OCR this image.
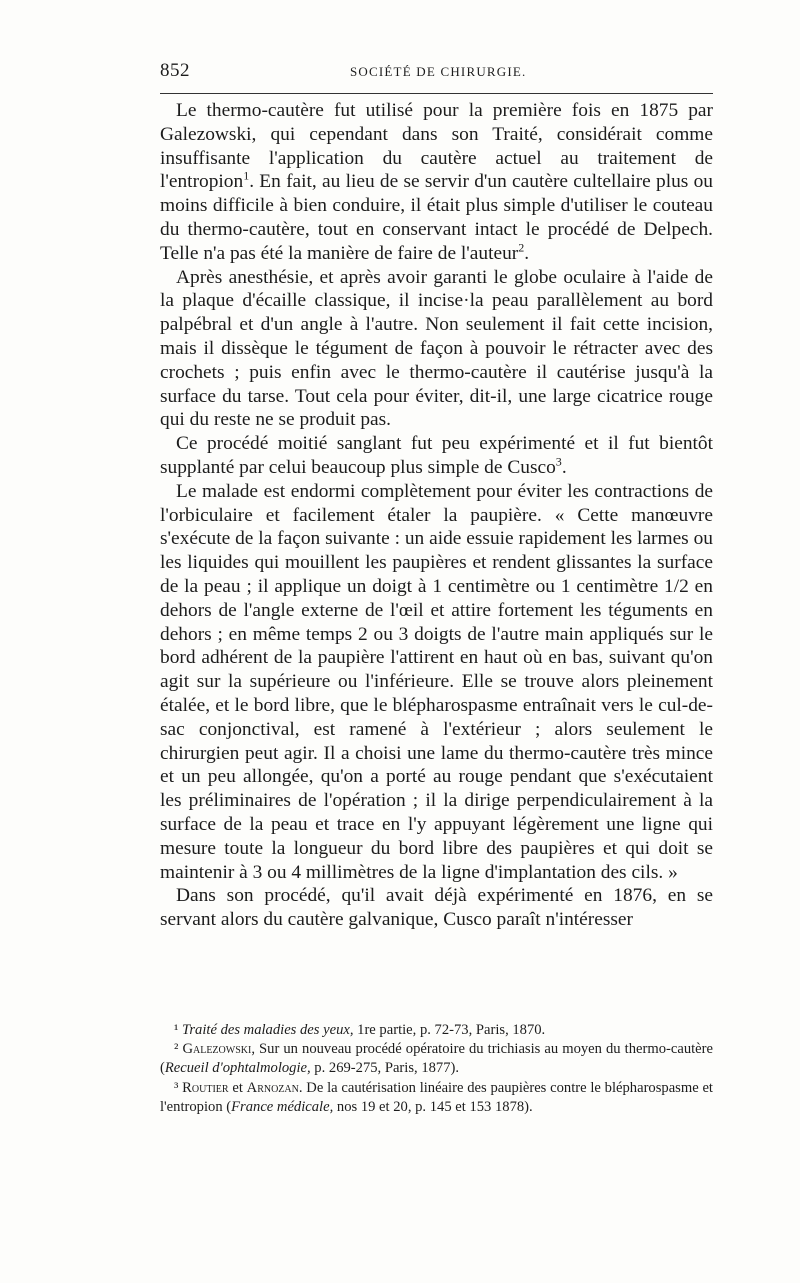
852	SOCIÉTÉ DE CHIRURGIE.

Le thermo-cautère fut utilisé pour la première fois en 1875 par Galezowski, qui cependant dans son Traité, considérait comme insuffisante l'application du cautère actuel au traitement de l'entropion$^1$. En fait, au lieu de se servir d'un cautère cultellaire plus ou moins difficile à bien conduire, il était plus simple d'utiliser le couteau du thermo-cautère, tout en conservant intact le procédé de Delpech. Telle n'a pas été la manière de faire de l'auteur$^2$.

Après anesthésie, et après avoir garanti le globe oculaire à l'aide de la plaque d'écaille classique, il incise·la peau parallèlement au bord palpébral et d'un angle à l'autre. Non seulement il fait cette incision, mais il dissèque le tégument de façon à pouvoir le rétracter avec des crochets ; puis enfin avec le thermo-cautère il cautérise jusqu'à la surface du tarse. Tout cela pour éviter, dit-il, une large cicatrice rouge qui du reste ne se produit pas.

Ce procédé moitié sanglant fut peu expérimenté et il fut bientôt supplanté par celui beaucoup plus simple de Cusco$^3$.

Le malade est endormi complètement pour éviter les contractions de l'orbiculaire et facilement étaler la paupière. « Cette manœuvre s'exécute de la façon suivante : un aide essuie rapidement les larmes ou les liquides qui mouillent les paupières et rendent glissantes la surface de la peau ; il applique un doigt à 1 centimètre ou 1 centimètre 1/2 en dehors de l'angle externe de l'œil et attire fortement les téguments en dehors ; en même temps 2 ou 3 doigts de l'autre main appliqués sur le bord adhérent de la paupière l'attirent en haut où en bas, suivant qu'on agit sur la supérieure ou l'inférieure. Elle se trouve alors pleinement étalée, et le bord libre, que le blépharospasme entraînait vers le cul-de-sac conjonctival, est ramené à l'extérieur ; alors seulement le chirurgien peut agir. Il a choisi une lame du thermo-cautère très mince et un peu allongée, qu'on a porté au rouge pendant que s'exécutaient les préliminaires de l'opération ; il la dirige perpendiculairement à la surface de la peau et trace en l'y appuyant légèrement une ligne qui mesure toute la longueur du bord libre des paupières et qui doit se maintenir à 3 ou 4 millimètres de la ligne d'implantation des cils. »

Dans son procédé, qu'il avait déjà expérimenté en 1876, en se servant alors du cautère galvanique, Cusco paraît n'intéresser

¹ Traité des maladies des yeux, 1re partie, p. 72-73, Paris, 1870.

² Galezowski, Sur un nouveau procédé opératoire du trichiasis au moyen du thermo-cautère (Recueil d'ophtalmologie, p. 269-275, Paris, 1877).

³ Routier et Arnozan. De la cautérisation linéaire des paupières contre le blépharospasme et l'entropion (France médicale, nos 19 et 20, p. 145 et 153 1878).
